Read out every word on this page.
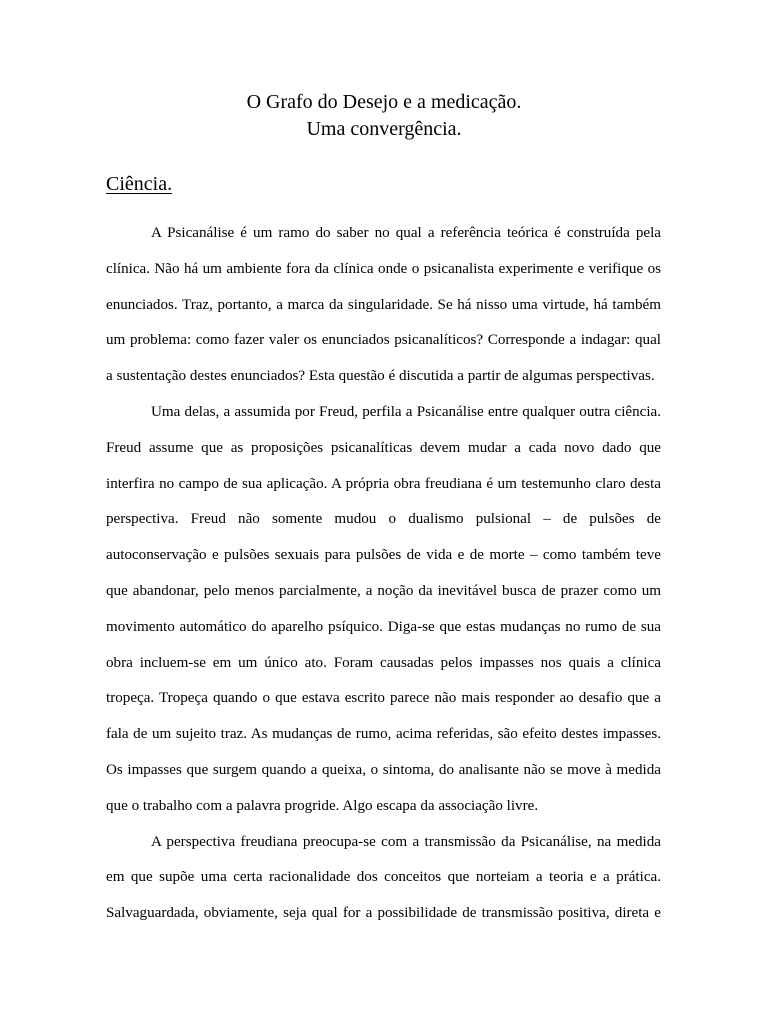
O Grafo do Desejo e a medicação.
Uma convergência.
Ciência.

A Psicanálise é um ramo do saber no qual a referência teórica é construída pela clínica. Não há um ambiente fora da clínica onde o psicanalista experimente e verifique os enunciados. Traz, portanto, a marca da singularidade. Se há nisso uma virtude, há também um problema: como fazer valer os enunciados psicanalíticos? Corresponde a indagar: qual a sustentação destes enunciados? Esta questão é discutida a partir de algumas perspectivas.

Uma delas, a assumida por Freud, perfila a Psicanálise entre qualquer outra ciência. Freud assume que as proposições psicanalíticas devem mudar a cada novo dado que interfira no campo de sua aplicação. A própria obra freudiana é um testemunho claro desta perspectiva. Freud não somente mudou o dualismo pulsional – de pulsões de autoconservação e pulsões sexuais para pulsões de vida e de morte – como também teve que abandonar, pelo menos parcialmente, a noção da inevitável busca de prazer como um movimento automático do aparelho psíquico. Diga-se que estas mudanças no rumo de sua obra incluem-se em um único ato. Foram causadas pelos impasses nos quais a clínica tropeça. Tropeça quando o que estava escrito parece não mais responder ao desafio que a fala de um sujeito traz. As mudanças de rumo, acima referidas, são efeito destes impasses. Os impasses que surgem quando a queixa, o sintoma, do analisante não se move à medida que o trabalho com a palavra progride. Algo escapa da associação livre.

A perspectiva freudiana preocupa-se com a transmissão da Psicanálise, na medida em que supõe uma certa racionalidade dos conceitos que norteiam a teoria e a prática. Salvaguardada, obviamente, seja qual for a possibilidade de transmissão positiva, direta e
